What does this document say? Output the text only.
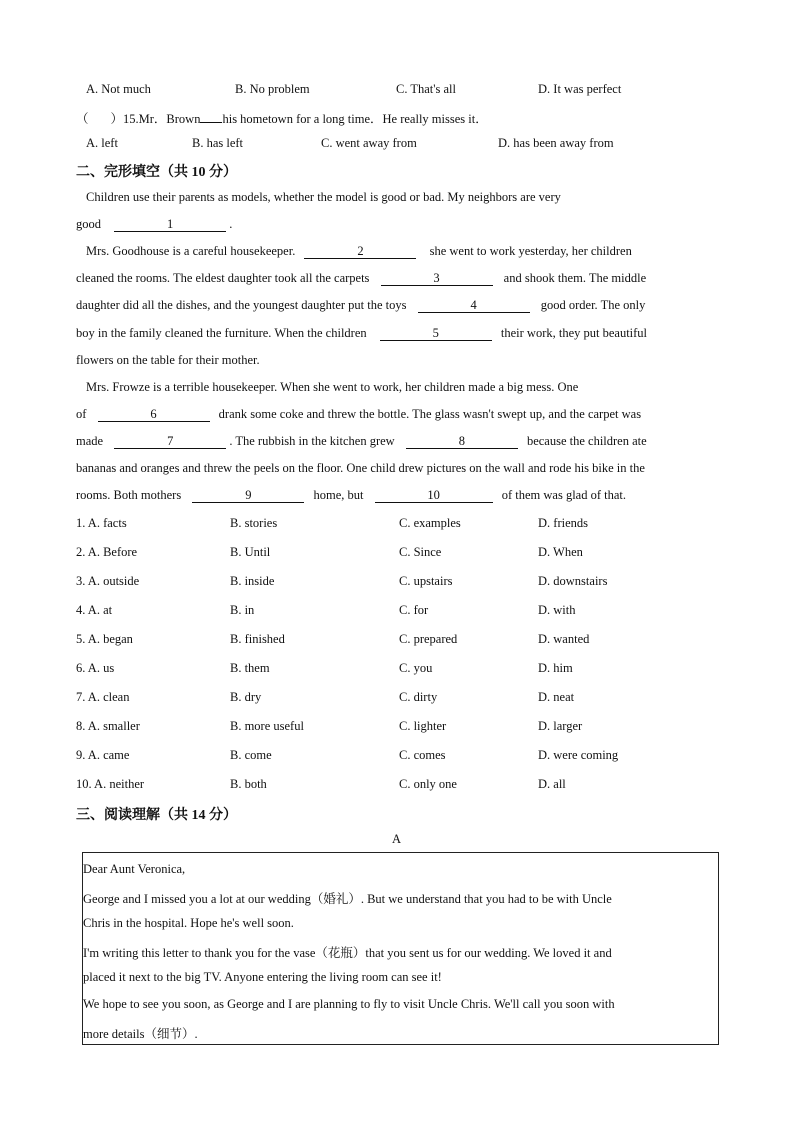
A. Not much	B. No problem	C. That's all	D. It was perfect
（ ）15.Mr．Brown his hometown for a long time．He really misses it．
A. left	B. has left	C. went away from	D. has been away from
二、完形填空（共 10 分）
Children use their parents as models, whether the model is good or bad. My neighbors are very
good	1	.
Mrs. Goodhouse is a careful housekeeper.	2	she went to work yesterday, her children
cleaned the rooms. The eldest daughter took all the carpets	3	and shook them. The middle
daughter did all the dishes, and the youngest daughter put the toys	4	good order. The only
boy in the family cleaned the furniture. When the children	5	their work, they put beautiful
flowers on the table for their mother.
Mrs. Frowze is a terrible housekeeper. When she went to work, her children made a big mess. One
of	6	drank some coke and threw the bottle. The glass wasn't swept up, and the carpet was
made	7	. The rubbish in the kitchen grew	8	because the children ate
bananas and oranges and threw the peels on the floor. One child drew pictures on the wall and rode his bike in the
rooms. Both mothers	9	home, but	10	of them was glad of that.
1. A. facts	B. stories	C. examples	D. friends
2. A. Before	B. Until	C. Since	D. When
3. A. outside	B. inside	C. upstairs	D. downstairs
4. A. at	B. in	C. for	D. with
5. A. began	B. finished	C. prepared	D. wanted
6. A. us	B. them	C. you	D. him
7. A. clean	B. dry	C. dirty	D. neat
8. A. smaller	B. more useful	C. lighter	D. larger
9. A. came	B. come	C. comes	D. were coming
10. A. neither	B. both	C. only one	D. all
三、阅读理解（共 14 分）
A
Dear Aunt Veronica,
George and I missed you a lot at our wedding（婚礼）. But we understand that you had to be with Uncle
Chris in the hospital. Hope he's well soon.
I'm writing this letter to thank you for the vase（花瓶）that you sent us for our wedding. We loved it and
placed it next to the big TV. Anyone entering the living room can see it!
We hope to see you soon, as George and I are planning to fly to visit Uncle Chris. We'll call you soon with
more details（细节）.
